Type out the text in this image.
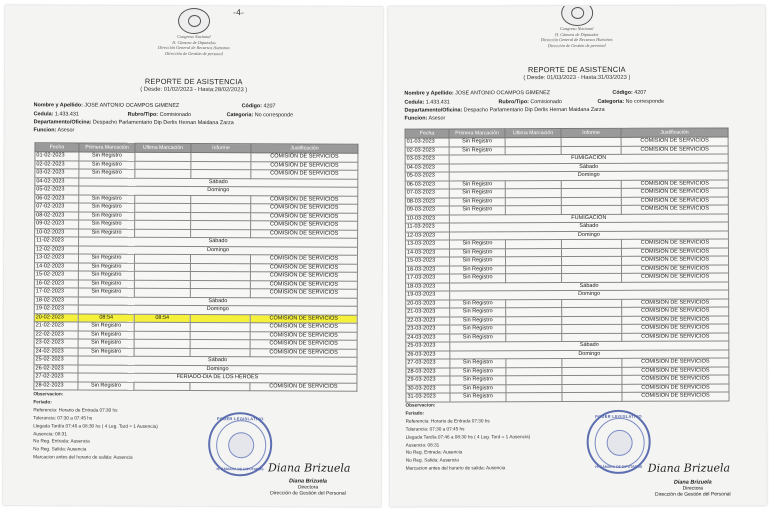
-4-
Congreso Nacional
H. Cámara de Diputados
Dirección General de Recursos Humanos
Dirección de Gestión de personal
REPORTE DE ASISTENCIA
( Desde: 01/02/2023 - Hasta:28/02/2023 )
Nombre y Apellido: JOSE ANTONIO OCAMPOS GIMENEZ	Código: 4207
Cedula: 1.433.431	Rubro/Tipo: Comisionado	Categoria: No corresponde
Departamento/Oficina: Despacho Parlamentario Dip Derlis Hernan Maidana Zarza
Funcion: Asesor
Fecha	Primera Marcación	Ultima Marcación	Informe	Justificación
01-02-2023	Sin Registro			COMISION DE SERVICIOS
02-02-2023	Sin Registro			COMISION DE SERVICIOS
03-02-2023	Sin Registro			COMISION DE SERVICIOS
04-02-2023	Sábado			
05-02-2023	Domingo			
06-02-2023	Sin Registro			COMISION DE SERVICIOS
07-02-2023	Sin Registro			COMISION DE SERVICIOS
08-02-2023	Sin Registro			COMISION DE SERVICIOS
09-02-2023	Sin Registro			COMISION DE SERVICIOS
10-02-2023	Sin Registro			COMISION DE SERVICIOS
11-02-2023	Sábado			
12-02-2023	Domingo			
13-02-2023	Sin Registro			COMISION DE SERVICIOS
14-02-2023	Sin Registro			COMISION DE SERVICIOS
15-02-2023	Sin Registro			COMISION DE SERVICIOS
16-02-2023	Sin Registro			COMISION DE SERVICIOS
17-02-2023	Sin Registro			COMISION DE SERVICIOS
18-02-2023	Sábado			
19-02-2023	Domingo			
20-02-2023	08:54	08:54		COMISION DE SERVICIOS
21-02-2023	Sin Registro			COMISION DE SERVICIOS
22-02-2023	Sin Registro			COMISION DE SERVICIOS
23-02-2023	Sin Registro			COMISION DE SERVICIOS
24-02-2023	Sin Registro			COMISION DE SERVICIOS
25-02-2023	Sábado			
26-02-2023	Domingo			
27-02-2023	FERIADO-DÍA DE LOS HÉROES			
28-02-2023	Sin Registro			COMISION DE SERVICIOS
Observacion:
Feriado:
Referencia: Horario de Entrada 07:30 hs
Tolerancia: 07:30 a 07:45 hs
Llegada Tardía 07:46 a 08:30 hs ( 4 Leg. Tard = 1 Ausencia)
Ausencia: 08:31
No Reg. Entrada: Ausencia
No Reg. Salida: Ausencia
Marcacion antes del horario de salida: Ausencia
PODER LEGISLATIVO
H. CÁMARA DE DIPUTADOS Diana Brizuela
Diana Brizuela
Directora
Dirección de Gestión del Personal
Congreso Nacional
H. Cámara de Diputados
Dirección General de Recursos Humanos
Dirección de Gestión de personal
REPORTE DE ASISTENCIA
( Desde: 01/03/2023 - Hasta:31/03/2023 )
Nombre y Apellido: JOSE ANTONIO OCAMPOS GIMENEZ	Código: 4207
Cedula: 1.433.431	Rubro/Tipo: Comisionado	Categoria: No corresponde
Departamento/Oficina: Despacho Parlamentario Dip Derlis Hernan Maidana Zarza
Funcion: Asesor
Fecha	Primera Marcación	Ultima Marcación	Informe	Justificación
01-03-2023	Sin Registro			COMISION DE SERVICIOS
02-03-2023	Sin Registro			COMISION DE SERVICIOS
03-03-2023	FUMIGACION			
04-03-2023	Sábado			
05-03-2023	Domingo			
06-03-2023	Sin Registro			COMISION DE SERVICIOS
07-03-2023	Sin Registro			COMISION DE SERVICIOS
08-03-2023	Sin Registro			COMISION DE SERVICIOS
09-03-2023	Sin Registro			COMISION DE SERVICIOS
10-03-2023	FUMIGACION			
11-03-2023	Sábado			
12-03-2023	Domingo			
13-03-2023	Sin Registro			COMISION DE SERVICIOS
14-03-2023	Sin Registro			COMISION DE SERVICIOS
15-03-2023	Sin Registro			COMISION DE SERVICIOS
16-03-2023	Sin Registro			COMISION DE SERVICIOS
17-03-2023	Sin Registro			COMISION DE SERVICIOS
18-03-2023	Sábado			
19-03-2023	Domingo			
20-03-2023	Sin Registro			COMISION DE SERVICIOS
21-03-2023	Sin Registro			COMISION DE SERVICIOS
22-03-2023	Sin Registro			COMISION DE SERVICIOS
23-03-2023	Sin Registro			COMISION DE SERVICIOS
24-03-2023	Sin Registro			COMISION DE SERVICIOS
25-03-2023	Sábado			
26-03-2023	Domingo			
27-03-2023	Sin Registro			COMISION DE SERVICIOS
28-03-2023	Sin Registro			COMISION DE SERVICIOS
29-03-2023	Sin Registro			COMISION DE SERVICIOS
30-03-2023	Sin Registro			COMISION DE SERVICIOS
31-03-2023	Sin Registro			COMISION DE SERVICIOS
Observacion:
Feriado:
Referencia: Horario de Entrada 07:30 hs
Tolerancia: 07:30 a 07:45 hs
Llegada Tardía 07:46 a 08:30 hs ( 4 Leg. Tard = 1 Ausencia)
Ausencia: 08:31
No Reg. Entrada: Ausencia
No Reg. Salida: Ausencia
Marcacion antes del horario de salida: Ausencia
PODER LEGISLATIVO
H. CÁMARA DE DIPUTADOS Diana Brizuela
Diana Brizuela
Directora
Dirección de Gestión del Personal
